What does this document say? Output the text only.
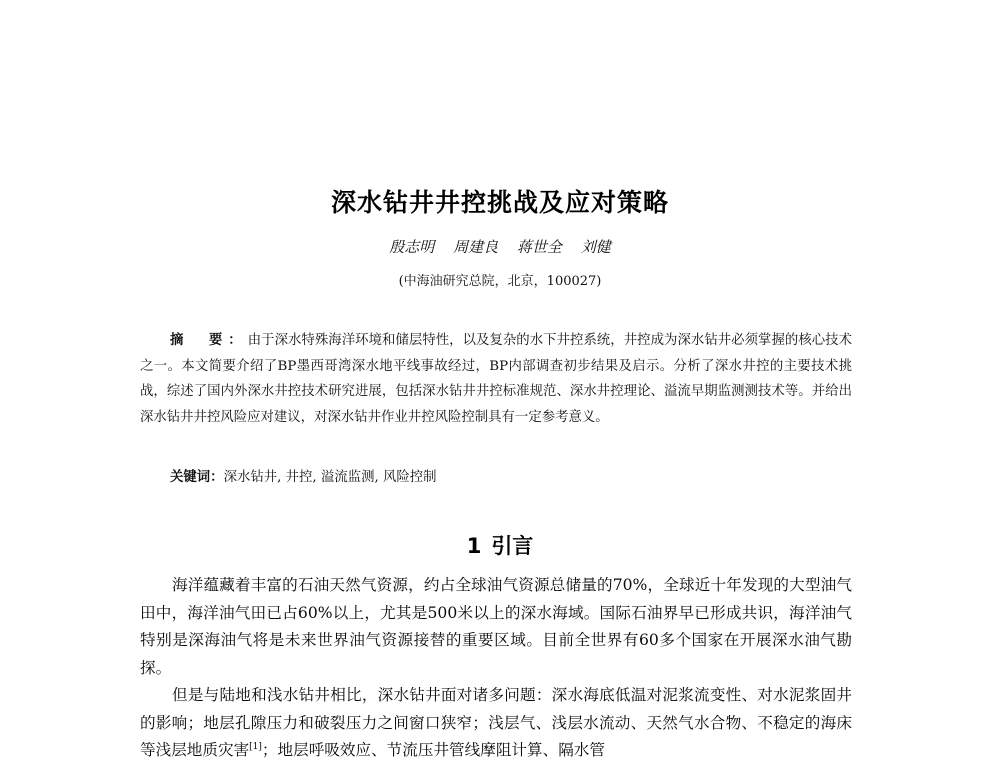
深水钻井井控挑战及应对策略
殷志明 周建良 蒋世全 刘健
(中海油研究总院，北京，100027)
摘　要：由于深水特殊海洋环境和储层特性，以及复杂的水下井控系统，井控成为深水钻井必须掌握的核心技术之一。本文简要介绍了BP墨西哥湾深水地平线事故经过，BP内部调查初步结果及启示。分析了深水井控的主要技术挑战，综述了国内外深水井控技术研究进展，包括深水钻井井控标准规范、深水井控理论、溢流早期监测测技术等。并给出深水钻井井控风险应对建议，对深水钻井作业井控风险控制具有一定参考意义。
关键词：深水钻井, 井控, 溢流监测, 风险控制
1 引言

海洋蕴藏着丰富的石油天然气资源，约占全球油气资源总储量的70%，全球近十年发现的大型油气田中，海洋油气田已占60%以上，尤其是500米以上的深水海域。国际石油界早已形成共识，海洋油气特别是深海油气将是未来世界油气资源接替的重要区域。目前全世界有60多个国家在开展深水油气勘探。

但是与陆地和浅水钻井相比，深水钻井面对诸多问题：深水海底低温对泥浆流变性、对水泥浆固井的影响；地层孔隙压力和破裂压力之间窗口狭窄；浅层气、浅层水流动、天然气水合物、不稳定的海床等浅层地质灾害[1]；地层呼吸效应、节流压井管线摩阻计算、隔水管
